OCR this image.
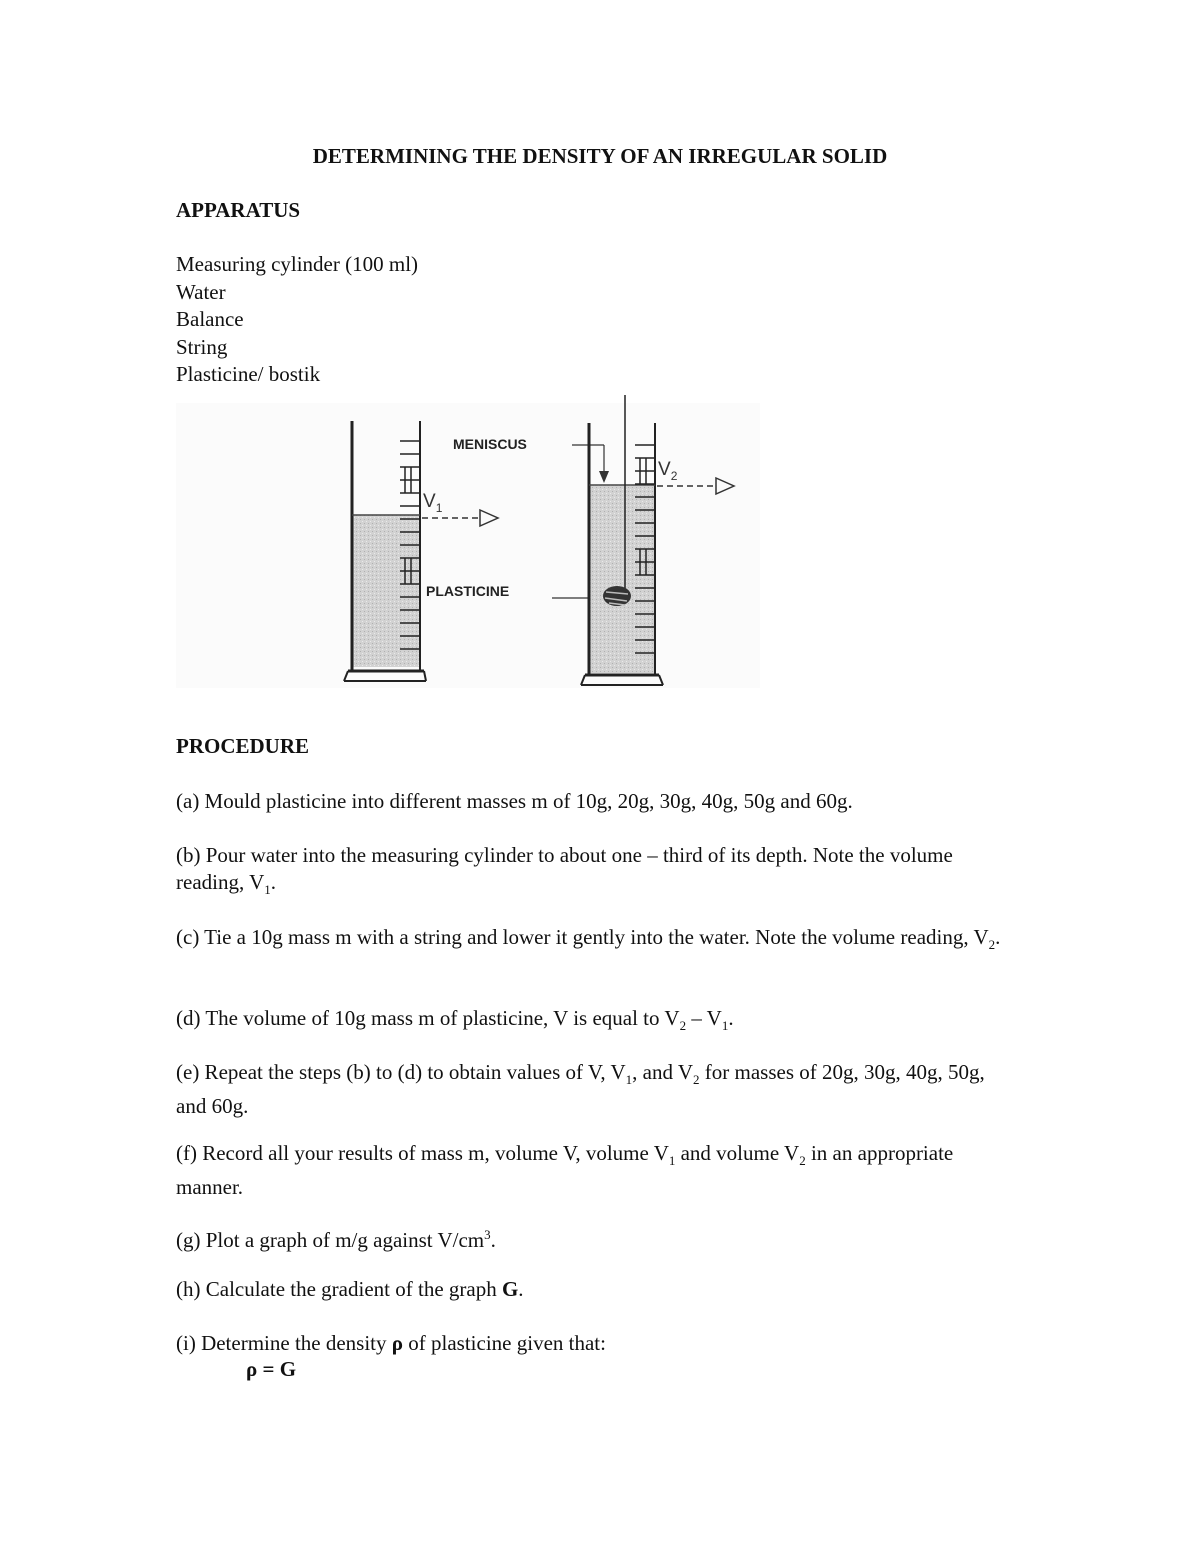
DETERMINING THE DENSITY OF AN IRREGULAR SOLID
APPARATUS
Measuring cylinder (100 ml)
Water
Balance
String
Plasticine/ bostik
$V_1$
MENISCUS
PLASTICINE
$V_2$
PROCEDURE

(a) Mould plasticine into different masses m of 10g, 20g, 30g, 40g, 50g and 60g.

(b) Pour water into the measuring cylinder to about one – third of its depth. Note the volume reading, $V_1$.

(c) Tie a 10g mass m with a string and lower it gently into the water. Note the volume reading, $V_2$.

(d) The volume of 10g mass m of plasticine, V is equal to $V_2 - V_1$.

(e) Repeat the steps (b) to (d) to obtain values of V, $V_1$, and $V_2$ for masses of 20g, 30g, 40g, 50g, and 60g.

(f) Record all your results of mass m, volume V, volume $V_1$ and volume $V_2$ in an appropriate manner.

(g) Plot a graph of m/g against $V/cm^3$.

(h) Calculate the gradient of the graph G.

(i) Determine the density ρ of plasticine given that:

ρ = G
